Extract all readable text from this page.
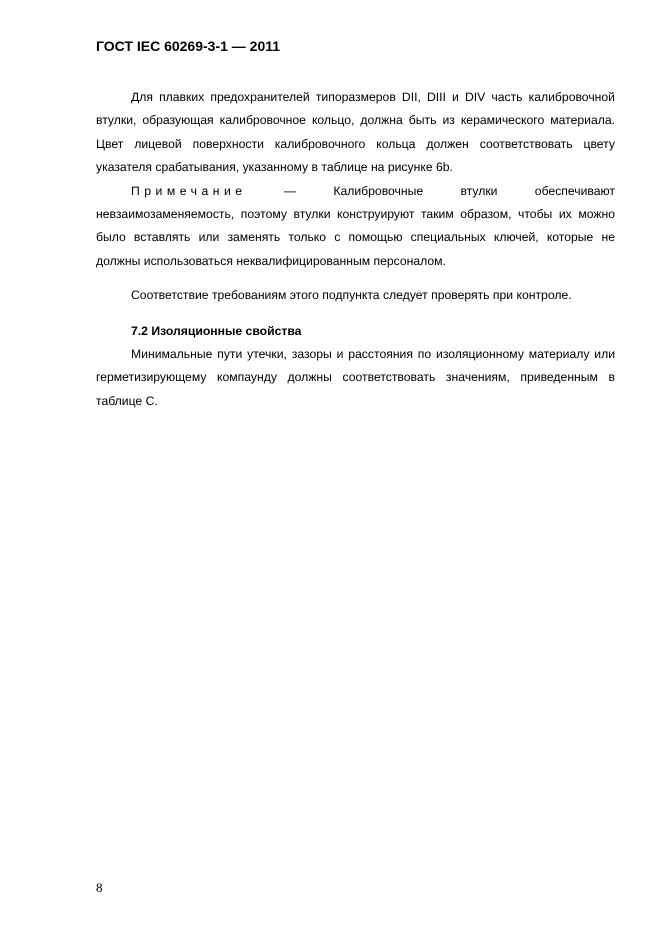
ГОСТ IEC 60269-3-1 — 2011

Для плавких предохранителей типоразмеров DII, DIII и DIV часть калибровочной втулки, образующая калибровочное кольцо, должна быть из керамического материала. Цвет лицевой поверхности калибровочного кольца должен соответствовать цвету указателя срабатывания, указанному в таблице на рисунке 6b.

Примечание — Калибровочные втулки обеспечивают невзаимозаменяемость, поэтому втулки конструируют таким образом, чтобы их можно было вставлять или заменять только с помощью специальных ключей, которые не должны использоваться неквалифицированным персоналом.

Соответствие требованиям этого подпункта следует проверять при контроле.

7.2 Изоляционные свойства

Минимальные пути утечки, зазоры и расстояния по изоляционному материалу или герметизирующему компаунду должны соответствовать значениям, приведенным в таблице С.

8
